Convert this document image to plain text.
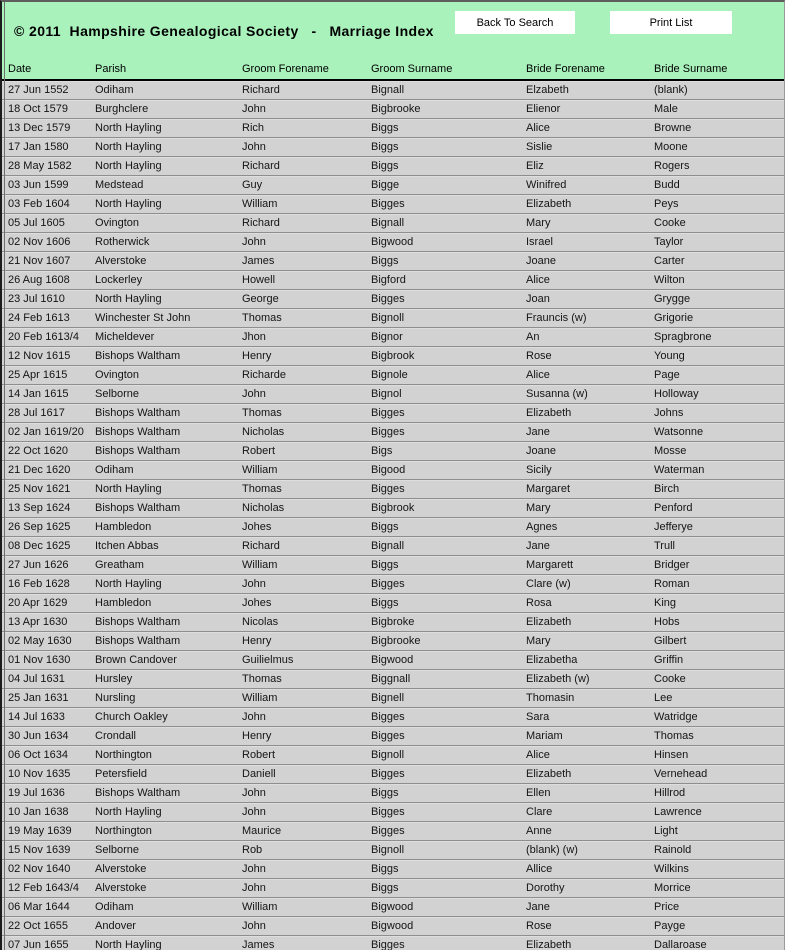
© 2011  Hampshire Genealogical Society   -   Marriage Index
Back To Search	Print List
Date	Parish	Groom Forename	Groom Surname	Bride Forename	Bride Surname
27 Jun 1552	Odiham	Richard	Bignall	Elzabeth	(blank)
18 Oct 1579	Burghclere	John	Bigbrooke	Elienor	Male
13 Dec 1579	North Hayling	Rich	Biggs	Alice	Browne
17 Jan 1580	North Hayling	John	Biggs	Sislie	Moone
28 May 1582	North Hayling	Richard	Biggs	Eliz	Rogers
03 Jun 1599	Medstead	Guy	Bigge	Winifred	Budd
03 Feb 1604	North Hayling	William	Bigges	Elizabeth	Peys
05 Jul 1605	Ovington	Richard	Bignall	Mary	Cooke
02 Nov 1606	Rotherwick	John	Bigwood	Israel	Taylor
21 Nov 1607	Alverstoke	James	Biggs	Joane	Carter
26 Aug 1608	Lockerley	Howell	Bigford	Alice	Wilton
23 Jul 1610	North Hayling	George	Bigges	Joan	Grygge
24 Feb 1613	Winchester St John	Thomas	Bignoll	Frauncis (w)	Grigorie
20 Feb 1613/4	Micheldever	Jhon	Bignor	An	Spragbrone
12 Nov 1615	Bishops Waltham	Henry	Bigbrook	Rose	Young
25 Apr 1615	Ovington	Richarde	Bignole	Alice	Page
14 Jan 1615	Selborne	John	Bignol	Susanna (w)	Holloway
28 Jul 1617	Bishops Waltham	Thomas	Bigges	Elizabeth	Johns
02 Jan 1619/20	Bishops Waltham	Nicholas	Bigges	Jane	Watsonne
22 Oct 1620	Bishops Waltham	Robert	Bigs	Joane	Mosse
21 Dec 1620	Odiham	William	Bigood	Sicily	Waterman
25 Nov 1621	North Hayling	Thomas	Bigges	Margaret	Birch
13 Sep 1624	Bishops Waltham	Nicholas	Bigbrook	Mary	Penford
26 Sep 1625	Hambledon	Johes	Biggs	Agnes	Jefferye
08 Dec 1625	Itchen Abbas	Richard	Bignall	Jane	Trull
27 Jun 1626	Greatham	William	Biggs	Margarett	Bridger
16 Feb 1628	North Hayling	John	Bigges	Clare (w)	Roman
20 Apr 1629	Hambledon	Johes	Biggs	Rosa	King
13 Apr 1630	Bishops Waltham	Nicolas	Bigbroke	Elizabeth	Hobs
02 May 1630	Bishops Waltham	Henry	Bigbrooke	Mary	Gilbert
01 Nov 1630	Brown Candover	Guilielmus	Bigwood	Elizabetha	Griffin
04 Jul 1631	Hursley	Thomas	Biggnall	Elizabeth (w)	Cooke
25 Jan 1631	Nursling	William	Bignell	Thomasin	Lee
14 Jul 1633	Church Oakley	John	Bigges	Sara	Watridge
30 Jun 1634	Crondall	Henry	Bigges	Mariam	Thomas
06 Oct 1634	Northington	Robert	Bignoll	Alice	Hinsen
10 Nov 1635	Petersfield	Daniell	Bigges	Elizabeth	Vernehead
19 Jul 1636	Bishops Waltham	John	Biggs	Ellen	Hillrod
10 Jan 1638	North Hayling	John	Bigges	Clare	Lawrence
19 May 1639	Northington	Maurice	Bigges	Anne	Light
15 Nov 1639	Selborne	Rob	Bignoll	(blank) (w)	Rainold
02 Nov 1640	Alverstoke	John	Biggs	Allice	Wilkins
12 Feb 1643/4	Alverstoke	John	Biggs	Dorothy	Morrice
06 Mar 1644	Odiham	William	Bigwood	Jane	Price
22 Oct 1655	Andover	John	Bigwood	Rose	Payge
07 Jun 1655	North Hayling	James	Bigges	Elizabeth	Dallaroase
